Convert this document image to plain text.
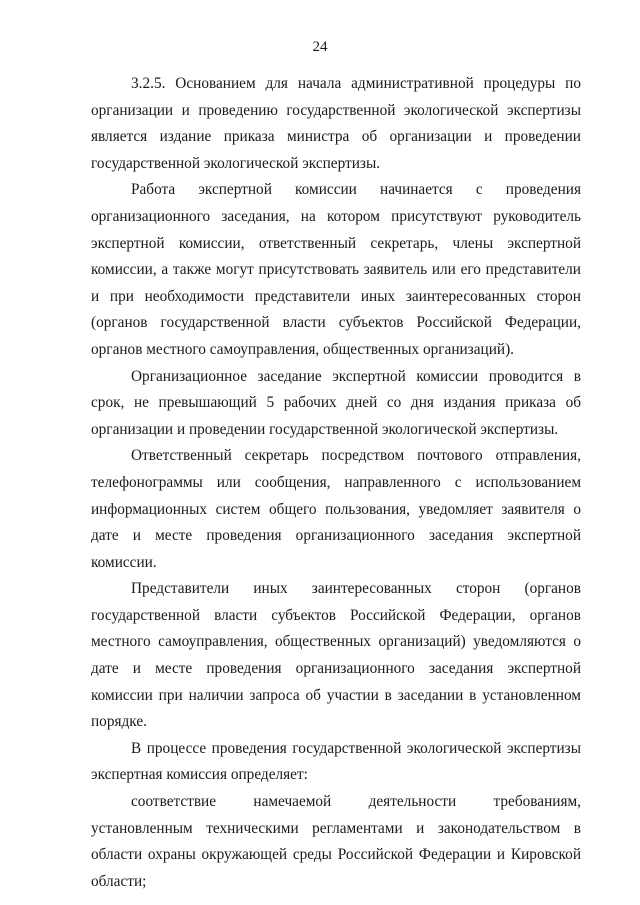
24

3.2.5. Основанием для начала административной процедуры по организации и проведению государственной экологической экспертизы является издание приказа министра об организации и проведении государственной экологической экспертизы.

Работа экспертной комиссии начинается с проведения организационного заседания, на котором присутствуют руководитель экспертной комиссии, ответственный секретарь, члены экспертной комиссии, а также могут присутствовать заявитель или его представители и при необходимости представители иных заинтересованных сторон (органов государственной власти субъектов Российской Федерации, органов местного самоуправления, общественных организаций).

Организационное заседание экспертной комиссии проводится в срок, не превышающий 5 рабочих дней со дня издания приказа об организации и проведении государственной экологической экспертизы.

Ответственный секретарь посредством почтового отправления, телефонограммы или сообщения, направленного с использованием информационных систем общего пользования, уведомляет заявителя о дате и месте проведения организационного заседания экспертной комиссии.

Представители иных заинтересованных сторон (органов государственной власти субъектов Российской Федерации, органов местного самоуправления, общественных организаций) уведомляются о дате и месте проведения организационного заседания экспертной комиссии при наличии запроса об участии в заседании в установленном порядке.

В процессе проведения государственной экологической экспертизы экспертная комиссия определяет:

соответствие намечаемой деятельности требованиям, установленным техническими регламентами и законодательством в области охраны окружающей среды Российской Федерации и Кировской области;
